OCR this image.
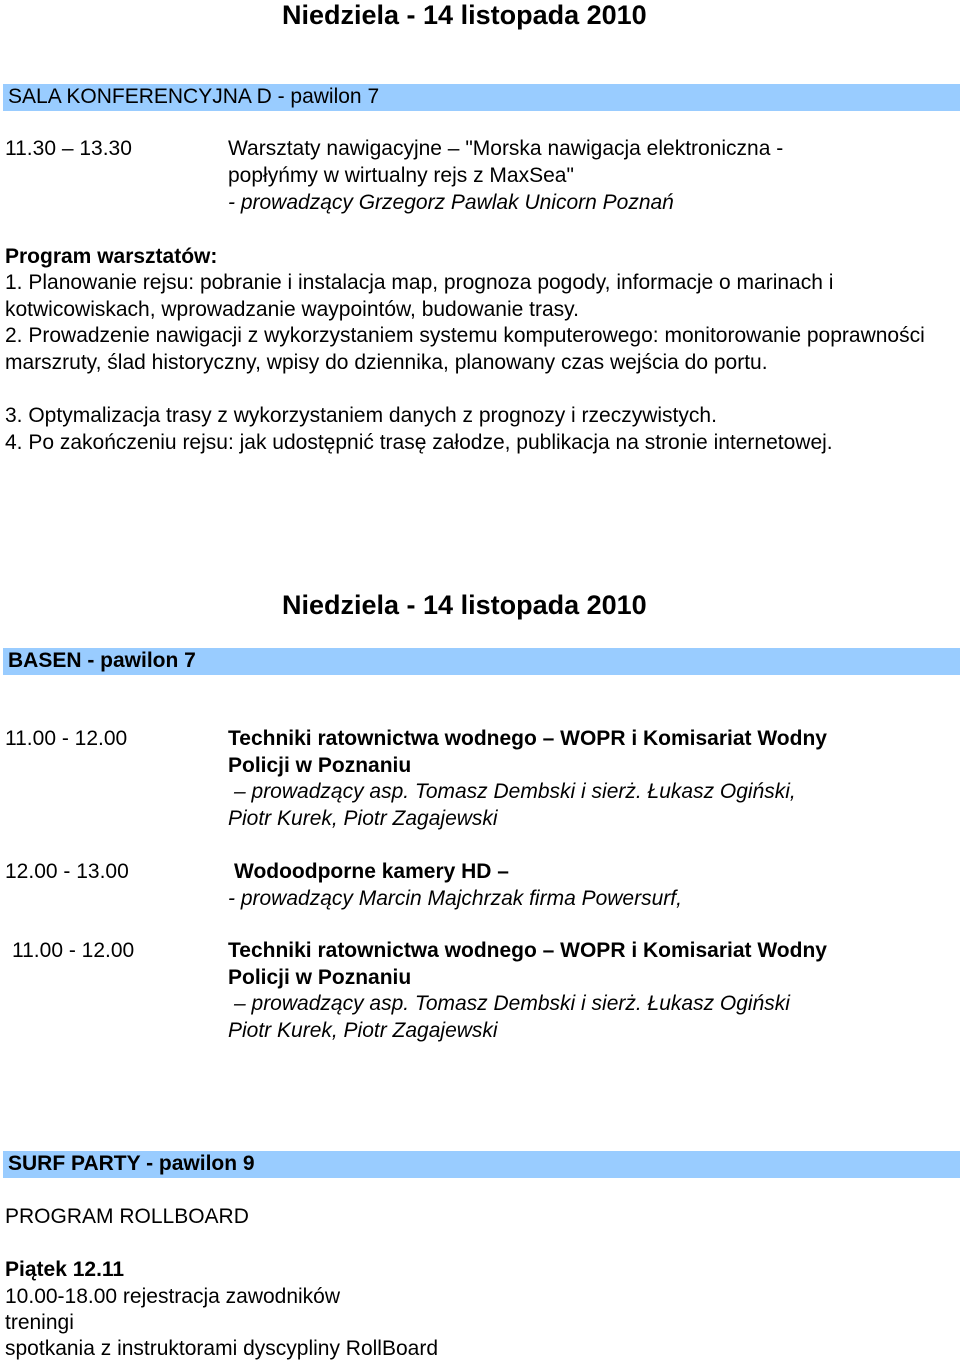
Niedziela - 14 listopada 2010
SALA KONFERENCYJNA D - pawilon 7
11.30 – 13.30	Warsztaty nawigacyjne – "Morska nawigacja elektroniczna -
popłyńmy w wirtualny rejs z MaxSea"
- prowadzący Grzegorz Pawlak Unicorn Poznań
Program warsztatów:
1. Planowanie rejsu: pobranie i instalacja map, prognoza pogody, informacje o marinach i kotwicowiskach, wprowadzanie waypointów, budowanie trasy.
2. Prowadzenie nawigacji z wykorzystaniem systemu komputerowego: monitorowanie poprawności marszruty, ślad historyczny, wpisy do dziennika, planowany czas wejścia do portu.
3. Optymalizacja trasy z wykorzystaniem danych z prognozy i rzeczywistych.
4. Po zakończeniu rejsu: jak udostępnić trasę załodze, publikacja na stronie internetowej.
Niedziela - 14 listopada 2010
BASEN - pawilon 7
11.00 - 12.00	Techniki ratownictwa wodnego – WOPR i Komisariat Wodny
Policji w Poznaniu
– prowadzący asp. Tomasz Dembski i sierż. Łukasz Ogiński,
Piotr Kurek, Piotr Zagajewski
12.00 - 13.00	Wodoodporne kamery HD –
- prowadzący Marcin Majchrzak firma Powersurf,
11.00 - 12.00	Techniki ratownictwa wodnego – WOPR i Komisariat Wodny
Policji w Poznaniu
– prowadzący asp. Tomasz Dembski i sierż. Łukasz Ogiński
Piotr Kurek, Piotr Zagajewski
SURF PARTY - pawilon 9
PROGRAM ROLLBOARD
Piątek 12.11
10.00-18.00 rejestracja zawodników
treningi
spotkania z instruktorami dyscypliny RollBoard
